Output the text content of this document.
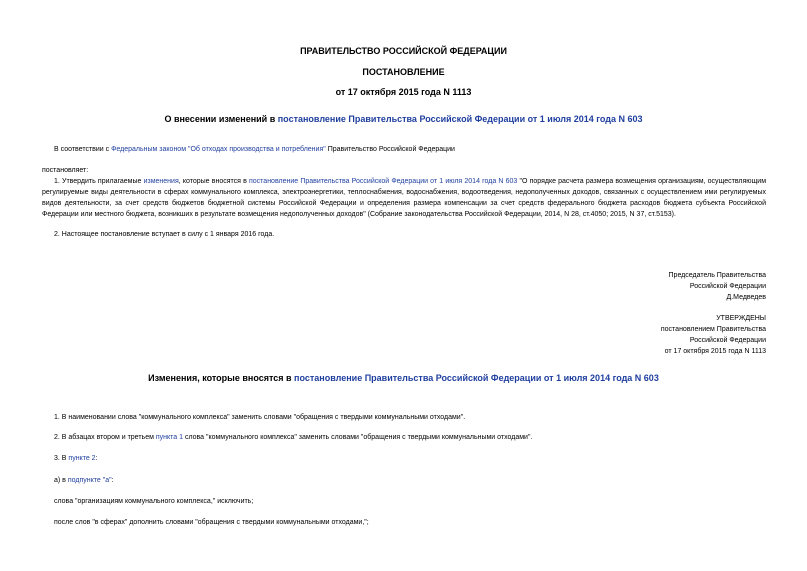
ПРАВИТЕЛЬСТВО РОССИЙСКОЙ ФЕДЕРАЦИИ
ПОСТАНОВЛЕНИЕ
от 17 октября 2015 года N 1113
О внесении изменений в постановление Правительства Российской Федерации от 1 июля 2014 года N 603
В соответствии с Федеральным законом "Об отходах производства и потребления" Правительство Российской Федерации
постановляет:
1. Утвердить прилагаемые изменения, которые вносятся в постановление Правительства Российской Федерации от 1 июля 2014 года N 603 "О порядке расчета размера возмещения организациям, осуществляющим регулируемые виды деятельности в сферах коммунального комплекса, электроэнергетики, теплоснабжения, водоснабжения, водоотведения, недополученных доходов, связанных с осуществлением ими регулируемых видов деятельности, за счет средств бюджетов бюджетной системы Российской Федерации и определения размера компенсации за счет средств федерального бюджета расходов бюджета субъекта Российской Федерации или местного бюджета, возникших в результате возмещения недополученных доходов" (Собрание законодательства Российской Федерации, 2014, N 28, ст.4050; 2015, N 37, ст.5153).
2. Настоящее постановление вступает в силу с 1 января 2016 года.
Председатель Правительства
Российской Федерации
Д.Медведев
УТВЕРЖДЕНЫ
постановлением Правительства
Российской Федерации
от 17 октября 2015 года N 1113
Изменения, которые вносятся в постановление Правительства Российской Федерации от 1 июля 2014 года N 603
1. В наименовании слова "коммунального комплекса" заменить словами "обращения с твердыми коммунальными отходами".
2. В абзацах втором и третьем пункта 1 слова "коммунального комплекса" заменить словами "обращения с твердыми коммунальными отходами".
3. В пункте 2:
а) в подпункте "а":
слова "организациям коммунального комплекса," исключить;
после слов "в сферах" дополнить словами "обращения с твердыми коммунальными отходами,";
